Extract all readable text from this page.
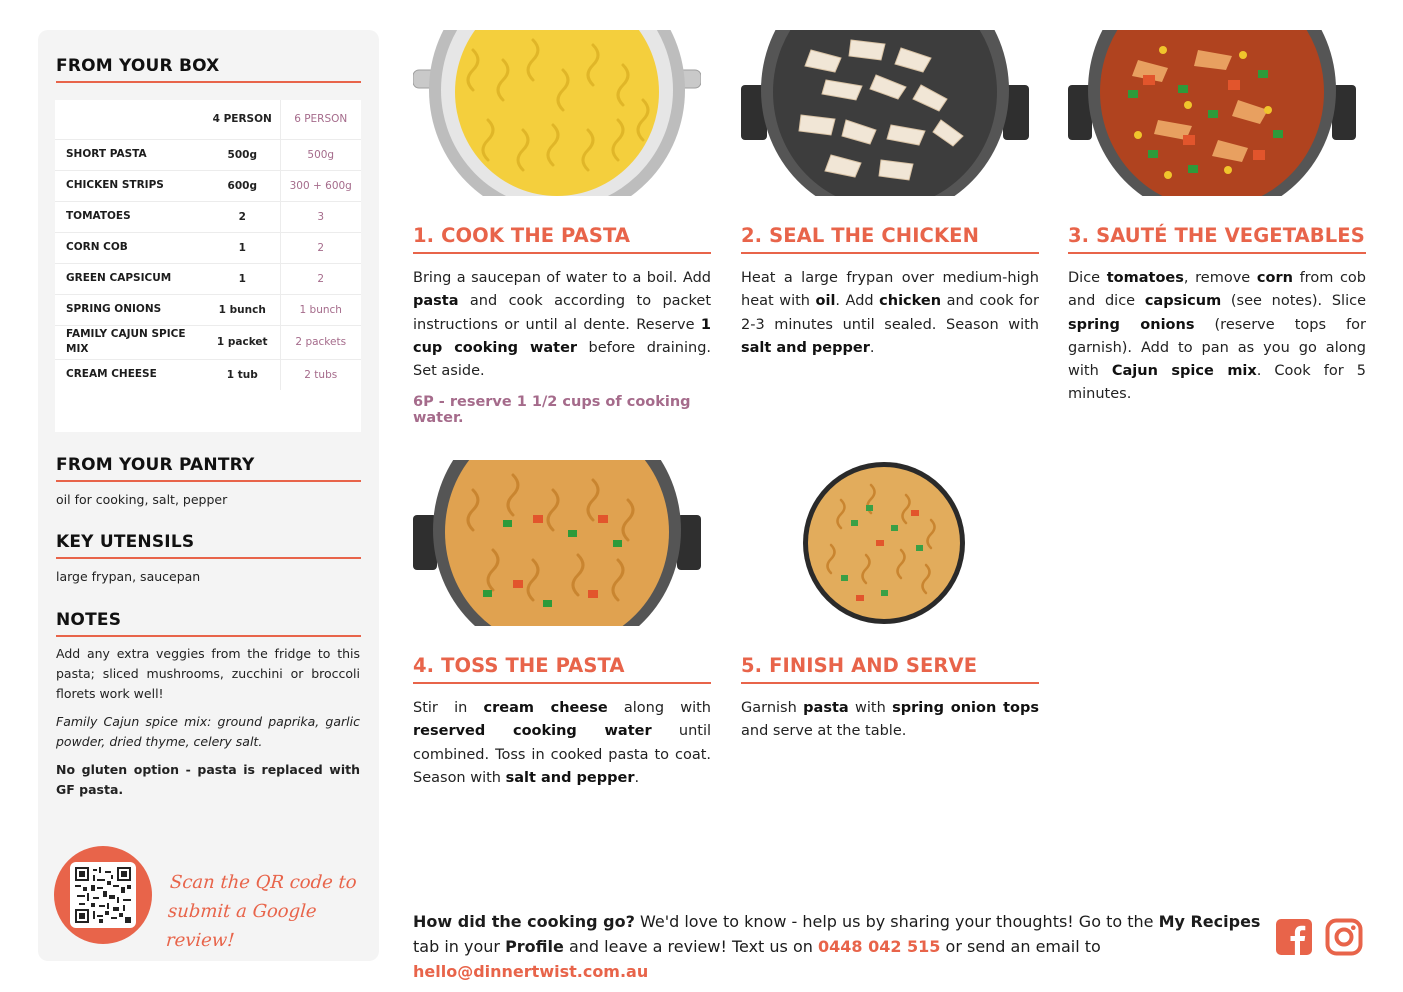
FROM YOUR BOX
	4 PERSON	6 PERSON
SHORT PASTA	500g	500g
CHICKEN STRIPS	600g	300 + 600g
TOMATOES	2	3
CORN COB	1	2
GREEN CAPSICUM	1	2
SPRING ONIONS	1 bunch	1 bunch
FAMILY CAJUN SPICE MIX	1 packet	2 packets
CREAM CHEESE	1 tub	2 tubs
FROM YOUR PANTRY
oil for cooking, salt, pepper
KEY UTENSILS
large frypan, saucepan
NOTES

Add any extra veggies from the fridge to this pasta; sliced mushrooms, zucchini or broccoli florets work well!

Family Cajun spice mix: ground paprika, garlic powder, dried thyme, celery salt.

No gluten option - pasta is replaced with GF pasta.

Scan the QR code to
submit a Google review!
1. COOK THE PASTA
Bring a saucepan of water to a boil. Add pasta and cook according to packet instructions or until al dente. Reserve 1 cup cooking water before draining. Set aside.
6P - reserve 1 1/2 cups of cooking water.
2. SEAL THE CHICKEN
Heat a large frypan over medium-high heat with oil. Add chicken and cook for 2-3 minutes until sealed. Season with salt and pepper.
3. SAUTÉ THE VEGETABLES
Dice tomatoes, remove corn from cob and dice capsicum (see notes). Slice spring onions (reserve tops for garnish). Add to pan as you go along with Cajun spice mix. Cook for 5 minutes.
4. TOSS THE PASTA
Stir in cream cheese along with reserved cooking water until combined. Toss in cooked pasta to coat. Season with salt and pepper.
5. FINISH AND SERVE
Garnish pasta with spring onion tops and serve at the table.
How did the cooking go? We'd love to know - help us by sharing your thoughts! Go to the My Recipes tab in your Profile and leave a review! Text us on 0448 042 515 or send an email to hello@dinnertwist.com.au
